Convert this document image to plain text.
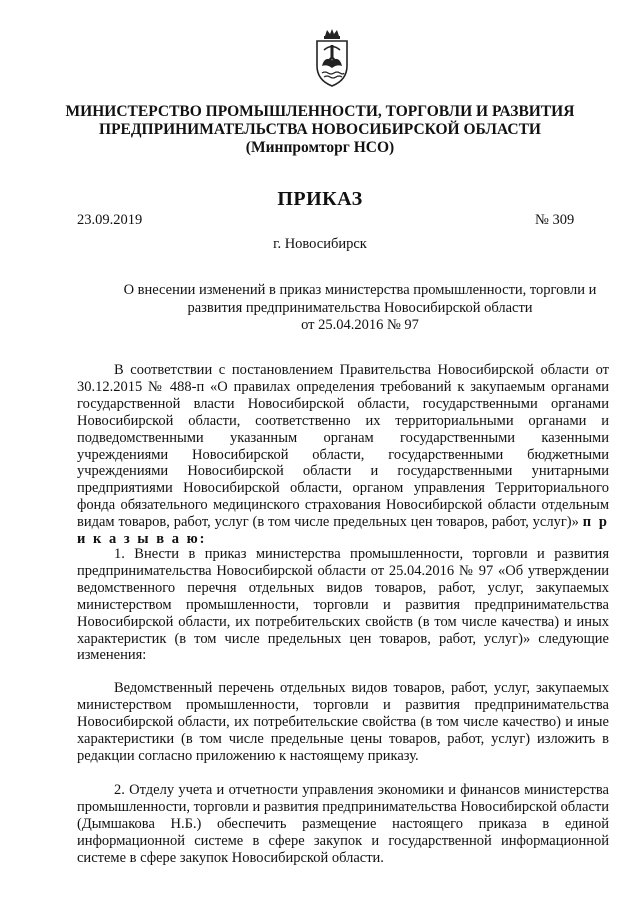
МИНИСТЕРСТВО ПРОМЫШЛЕННОСТИ, ТОРГОВЛИ И РАЗВИТИЯ
ПРЕДПРИНИМАТЕЛЬСТВА НОВОСИБИРСКОЙ ОБЛАСТИ
(Минпромторг НСО)
ПРИКАЗ
23.09.2019	№ 309
г. Новосибирск
О внесении изменений в приказ министерства промышленности, торговли и
развития предпринимательства Новосибирской области
от 25.04.2016 № 97

В соответствии с постановлением Правительства Новосибирской области от 30.12.2015 № 488-п «О правилах определения требований к закупаемым органами государственной власти Новосибирской области, государственными органами Новосибирской области, соответственно их территориальными органами и подведомственными указанным органам государственными казенными учреждениями Новосибирской области, государственными бюджетными учреждениями Новосибирской области и государственными унитарными предприятиями Новосибирской области, органом управления Территориального фонда обязательного медицинского страхования Новосибирской области отдельным видам товаров, работ, услуг (в том числе предельных цен товаров, работ, услуг)» п р и к а з ы в а ю:

1. Внести в приказ министерства промышленности, торговли и развития предпринимательства Новосибирской области от 25.04.2016 № 97 «Об утверждении ведомственного перечня отдельных видов товаров, работ, услуг, закупаемых министерством промышленности, торговли и развития предпринимательства Новосибирской области, их потребительских свойств (в том числе качества) и иных характеристик (в том числе предельных цен товаров, работ, услуг)» следующие изменения:

Ведомственный перечень отдельных видов товаров, работ, услуг, закупаемых министерством промышленности, торговли и развития предпринимательства Новосибирской области, их потребительские свойства (в том числе качество) и иные характеристики (в том числе предельные цены товаров, работ, услуг) изложить в редакции согласно приложению к настоящему приказу.

2. Отделу учета и отчетности управления экономики и финансов министерства промышленности, торговли и развития предпринимательства Новосибирской области (Дымшакова Н.Б.) обеспечить размещение настоящего приказа в единой информационной системе в сфере закупок и государственной информационной системе в сфере закупок Новосибирской области.
